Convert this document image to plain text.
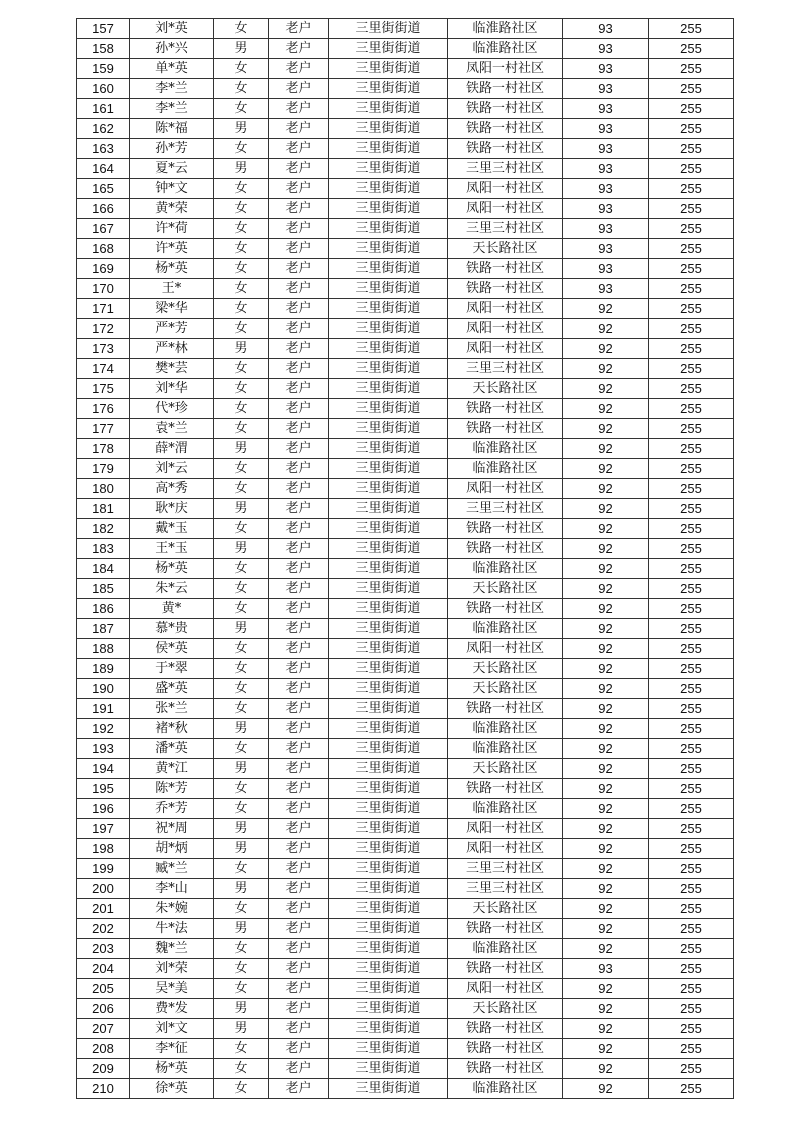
157	刘*英	女	老户	三里街街道	临淮路社区	93	255
158	孙*兴	男	老户	三里街街道	临淮路社区	93	255
159	单*英	女	老户	三里街街道	凤阳一村社区	93	255
160	李*兰	女	老户	三里街街道	铁路一村社区	93	255
161	李*兰	女	老户	三里街街道	铁路一村社区	93	255
162	陈*福	男	老户	三里街街道	铁路一村社区	93	255
163	孙*芳	女	老户	三里街街道	铁路一村社区	93	255
164	夏*云	男	老户	三里街街道	三里三村社区	93	255
165	钟*文	女	老户	三里街街道	凤阳一村社区	93	255
166	黄*荣	女	老户	三里街街道	凤阳一村社区	93	255
167	许*荷	女	老户	三里街街道	三里三村社区	93	255
168	许*英	女	老户	三里街街道	天长路社区	93	255
169	杨*英	女	老户	三里街街道	铁路一村社区	93	255
170	王*	女	老户	三里街街道	铁路一村社区	93	255
171	梁*华	女	老户	三里街街道	凤阳一村社区	92	255
172	严*芳	女	老户	三里街街道	凤阳一村社区	92	255
173	严*林	男	老户	三里街街道	凤阳一村社区	92	255
174	樊*芸	女	老户	三里街街道	三里三村社区	92	255
175	刘*华	女	老户	三里街街道	天长路社区	92	255
176	代*珍	女	老户	三里街街道	铁路一村社区	92	255
177	袁*兰	女	老户	三里街街道	铁路一村社区	92	255
178	薛*渭	男	老户	三里街街道	临淮路社区	92	255
179	刘*云	女	老户	三里街街道	临淮路社区	92	255
180	高*秀	女	老户	三里街街道	凤阳一村社区	92	255
181	耿*庆	男	老户	三里街街道	三里三村社区	92	255
182	戴*玉	女	老户	三里街街道	铁路一村社区	92	255
183	王*玉	男	老户	三里街街道	铁路一村社区	92	255
184	杨*英	女	老户	三里街街道	临淮路社区	92	255
185	朱*云	女	老户	三里街街道	天长路社区	92	255
186	黄*	女	老户	三里街街道	铁路一村社区	92	255
187	慕*贵	男	老户	三里街街道	临淮路社区	92	255
188	侯*英	女	老户	三里街街道	凤阳一村社区	92	255
189	于*翠	女	老户	三里街街道	天长路社区	92	255
190	盛*英	女	老户	三里街街道	天长路社区	92	255
191	张*兰	女	老户	三里街街道	铁路一村社区	92	255
192	褚*秋	男	老户	三里街街道	临淮路社区	92	255
193	潘*英	女	老户	三里街街道	临淮路社区	92	255
194	黄*江	男	老户	三里街街道	天长路社区	92	255
195	陈*芳	女	老户	三里街街道	铁路一村社区	92	255
196	乔*芳	女	老户	三里街街道	临淮路社区	92	255
197	祝*周	男	老户	三里街街道	凤阳一村社区	92	255
198	胡*炳	男	老户	三里街街道	凤阳一村社区	92	255
199	臧*兰	女	老户	三里街街道	三里三村社区	92	255
200	李*山	男	老户	三里街街道	三里三村社区	92	255
201	朱*婉	女	老户	三里街街道	天长路社区	92	255
202	牛*法	男	老户	三里街街道	铁路一村社区	92	255
203	魏*兰	女	老户	三里街街道	临淮路社区	92	255
204	刘*荣	女	老户	三里街街道	铁路一村社区	93	255
205	吴*美	女	老户	三里街街道	凤阳一村社区	92	255
206	费*发	男	老户	三里街街道	天长路社区	92	255
207	刘*文	男	老户	三里街街道	铁路一村社区	92	255
208	李*征	女	老户	三里街街道	铁路一村社区	92	255
209	杨*英	女	老户	三里街街道	铁路一村社区	92	255
210	徐*英	女	老户	三里街街道	临淮路社区	92	255
